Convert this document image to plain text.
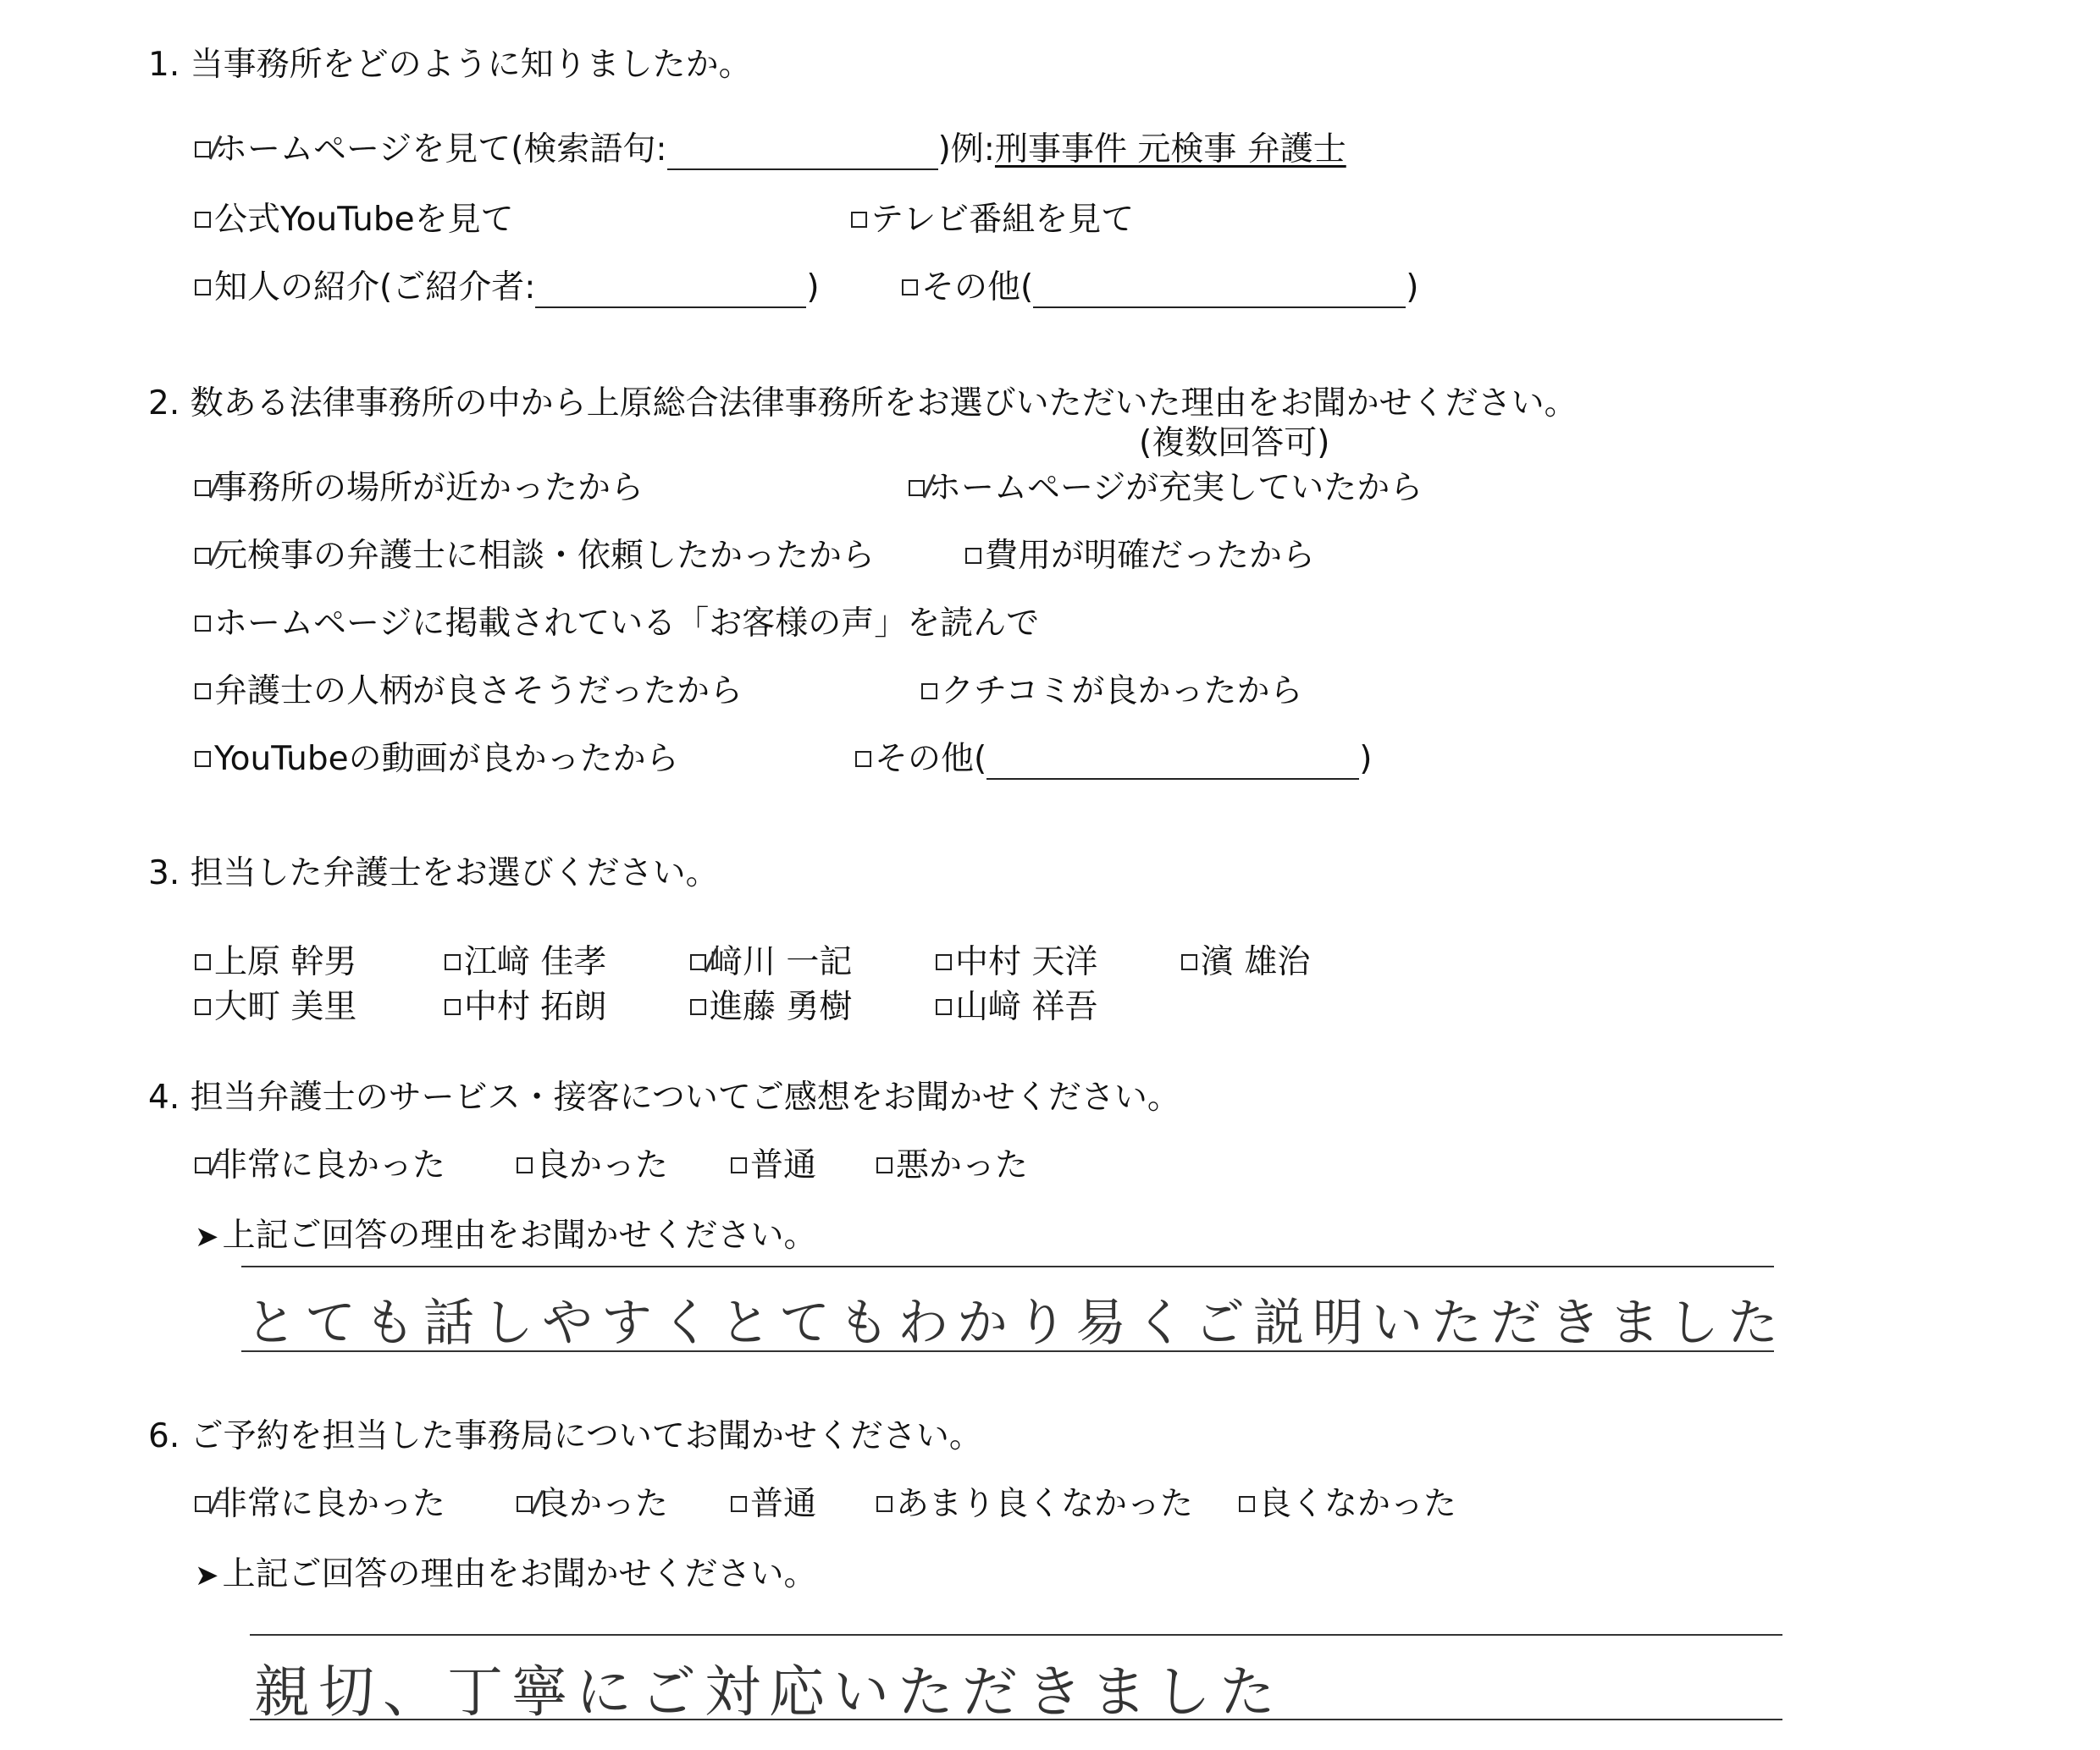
1. 当事務所をどのように知りましたか。
ホームページを見て(検索語句:	)例:刑事事件 元検事 弁護士
公式YouTubeを見て	テレビ番組を見て
知人の紹介(ご紹介者:	)	その他(	)
2. 数ある法律事務所の中から上原総合法律事務所をお選びいただいた理由をお聞かせください。
(複数回答可)
事務所の場所が近かったから	ホームページが充実していたから
元検事の弁護士に相談・依頼したかったから	費用が明確だったから
ホームページに掲載されている「お客様の声」を読んで
弁護士の人柄が良さそうだったから	クチコミが良かったから
YouTubeの動画が良かったから	その他(	)
3. 担当した弁護士をお選びください。
上原 幹男	江﨑 佳孝	﨑川 一記	中村 天洋	濱 雄治
大町 美里	中村 拓朗	進藤 勇樹	山﨑 祥吾
4. 担当弁護士のサービス・接客についてご感想をお聞かせください。
非常に良かった	良かった	普通	悪かった
➤ 上記ご回答の理由をお聞かせください。
とても話しやすくとてもわかり易くご説明いただきました
6. ご予約を担当した事務局についてお聞かせください。
非常に良かった	良かった	普通	あまり良くなかった	良くなかった
➤ 上記ご回答の理由をお聞かせください。
親切、丁寧にご対応いただきました
